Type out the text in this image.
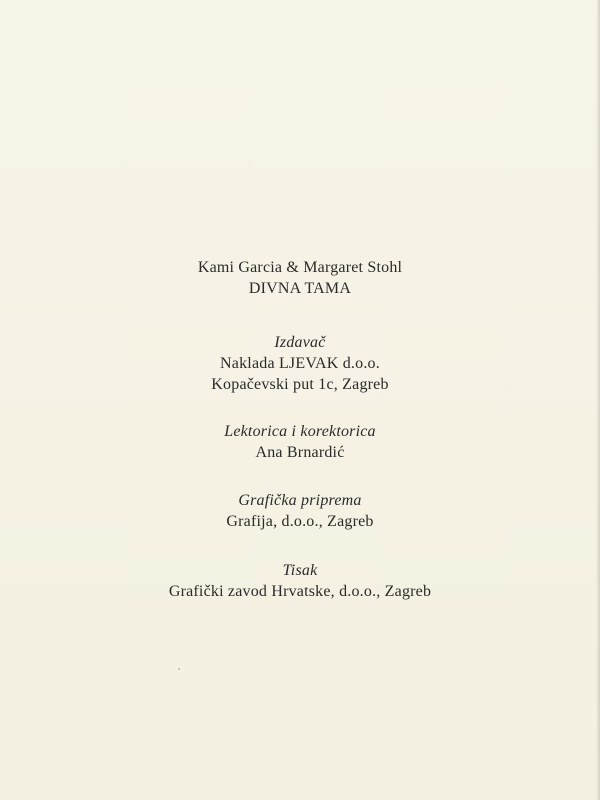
Kami Garcia & Margaret Stohl
DIVNA TAMA
Izdavač
Naklada LJEVAK d.o.o.
Kopačevski put 1c, Zagreb
Lektorica i korektorica
Ana Brnardić
Grafička priprema
Grafija, d.o.o., Zagreb
Tisak
Grafički zavod Hrvatske, d.o.o., Zagreb
